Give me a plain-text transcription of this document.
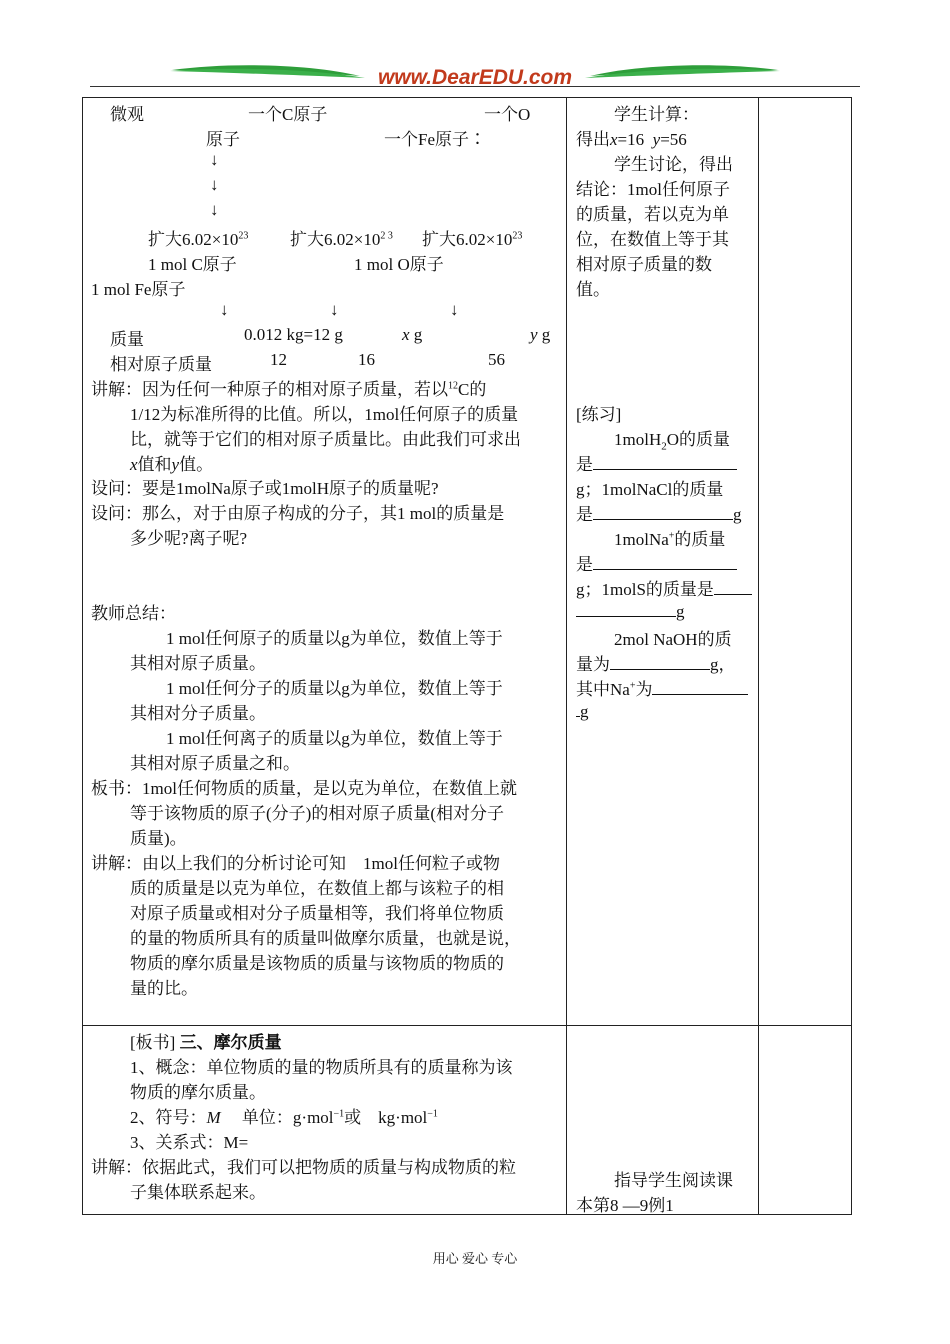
www.DearEDU.com
微观	一个C原子	一个O
原子	一个Fe原子∶
↓
↓
↓
扩大$6.02\times 10^{23}$ 扩大$6.02\times 10^{2 3}$ 扩大$6.02\times 10^{23}$
1 mol C原子	1 mol O原子
1 mol Fe原子
↓	↓	↓
质量	0.012 kg=12 g	x g	y g
相对原子质量	12	16	56
讲解：因为任何一种原子的相对原子质量，若以$^{12}$C的
1/12为标准所得的比值。所以，1mol任何原子的质量
比，就等于它们的相对原子质量比。由此我们可求出
x值和y值。
设问：要是1molNa原子或1molH原子的质量呢?
设问：那么，对于由原子构成的分子，其1 mol的质量是
多少呢?离子呢?
教师总结：
1 mol任何原子的质量以g为单位，数值上等于
其相对原子质量。
1 mol任何分子的质量以g为单位，数值上等于
其相对分子质量。
1 mol任何离子的质量以g为单位，数值上等于
其相对原子质量之和。
板书：1mol任何物质的质量，是以克为单位，在数值上就
等于该物质的原子(分子)的相对原子质量(相对分子
质量)。
讲解：由以上我们的分析讨论可知　1mol任何粒子或物
质的质量是以克为单位，在数值上都与该粒子的相
对原子质量或相对分子质量相等，我们将单位物质
的量的物质所具有的质量叫做摩尔质量，也就是说，
物质的摩尔质量是该物质的质量与该物质的物质的
量的比。
学生计算：
得出x=16 y=56
学生讨论，得出
结论：1mol任何原子
的质量，若以克为单
位，在数值上等于其
相对原子质量的数
值。
[练习]
1molH$_2$O的质量
是
g；1molNaCl的质量
是	g
1molNa+的质量
是
g；1molS的质量是
g
2mol NaOH的质
量为	g，
其中Na+为
g
[板书] 三、摩尔质量
1、概念：单位物质的量的物质所具有的质量称为该
物质的摩尔质量。
2、符号：M 单位：g·mol$^{-1}$或 kg·mol$^{-1}$
3、关系式：M=
讲解：依据此式，我们可以把物质的质量与构成物质的粒
子集体联系起来。
指导学生阅读课
本第8 —9例1
用心 爱心 专心
